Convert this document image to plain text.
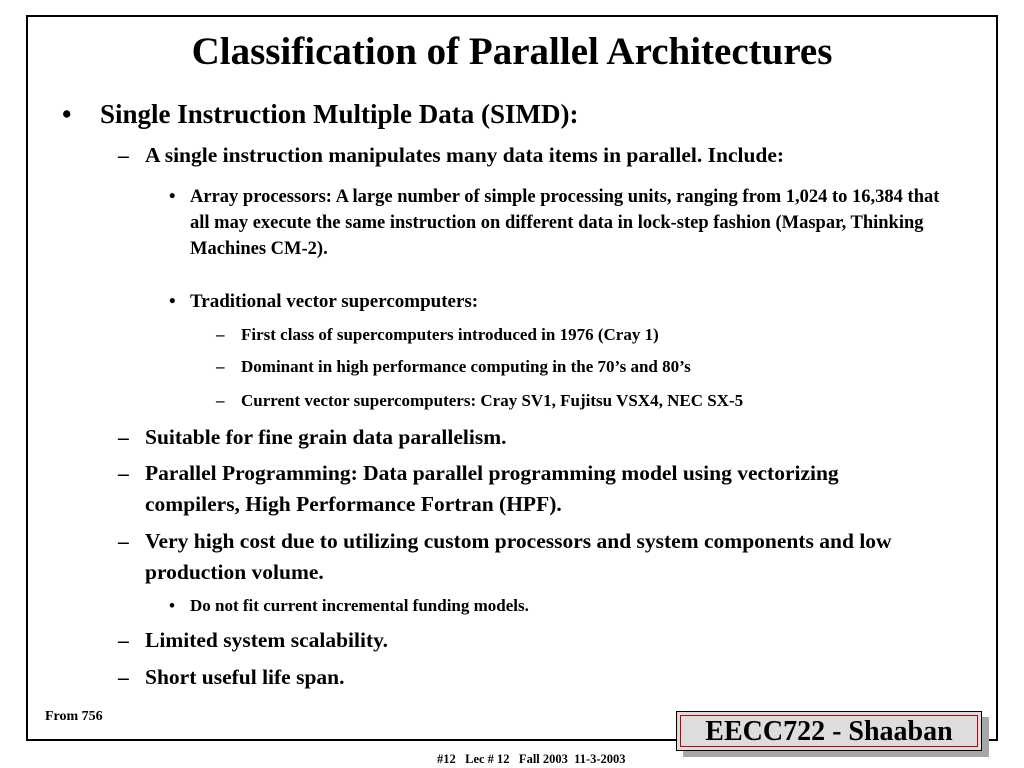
Classification of Parallel Architectures
• Single Instruction Multiple Data (SIMD):
– A single instruction manipulates many data items in parallel. Include:
• Array processors: A large number of simple processing units, ranging from 1,024 to 16,384 that all may execute the same instruction on different data in lock-step fashion (Maspar, Thinking Machines CM-2).
• Traditional vector supercomputers:
– First class of supercomputers introduced in 1976 (Cray 1)
– Dominant in high performance computing in the 70’s and 80’s
– Current vector supercomputers: Cray SV1, Fujitsu VSX4, NEC SX-5
– Suitable for fine grain data parallelism.
– Parallel Programming: Data parallel programming model using vectorizing compilers, High Performance Fortran (HPF).
– Very high cost due to utilizing custom processors and system components and low production volume.
• Do not fit current incremental funding models.
– Limited system scalability.
– Short useful life span.
From 756	EECC722 - Shaaban
#12   Lec # 12   Fall 2003  11-3-2003
